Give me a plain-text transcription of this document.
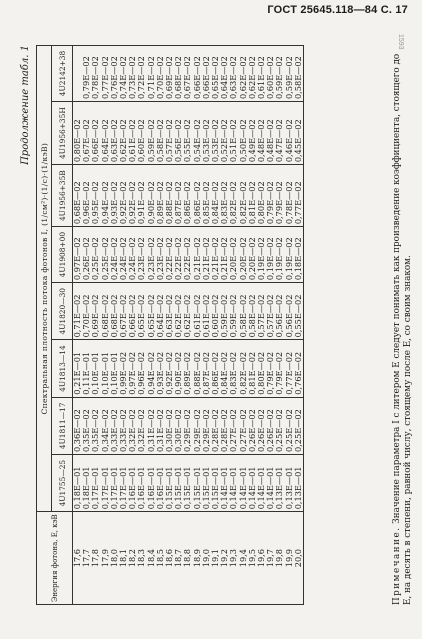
ГОСТ 25645.118—84 С. 17
1593
Продолжение табл. 1
Энергия фотона, E, кэВ	Спектральная плотность потока фотонов I, (1/см²)·(1/с)·(1/кэВ)							
	4U1755—25	4U1811—17	4U1813—14	4U1820—30	4U1908+00	4U1956+35B	4U1956+35H	4U2142+38
17,6	0,18E—01	0,36E—02	0,21E—01	0,71E—02	0,97E—02	0,68E—02	0,80E—02	
17,7	0,18E—01	0,35E—02	0,11E—01	0,70E—02	0,26E—02	0,96E—02	0,67E—02	0,79E—02
17,8	0,17E—01	0,35E—02	0,10E—01	0,69E—02	0,25E—02	0,95E—02	0,66E—02	0,78E—02
17,9	0,17E—01	0,34E—02	0,10E—01	0,68E—02	0,25E—02	0,94E—02	0,64E—02	0,77E—02
18,0	0,17E—01	0,33E—02	0,10E—01	0,68E—02	0,24E—02	0,93E—02	0,63E—02	0,76E—02
18,1	0,17E—01	0,33E—02	0,99E—02	0,67E—02	0,24E—02	0,92E—02	0,62E—02	0,74E—02
18,2	0,16E—01	0,32E—02	0,97E—02	0,66E—02	0,24E—02	0,92E—02	0,61E—02	0,73E—02
18,3	0,16E—01	0,32E—02	0,96E—02	0,65E—02	0,23E—02	0,91E—02	0,60E—02	0,72E—02
18,4	0,16E—01	0,31E—02	0,94E—02	0,65E—02	0,23E—02	0,90E—02	0,59E—02	0,71E—02
18,5	0,16E—01	0,31E—02	0,93E—02	0,64E—02	0,23E—02	0,89E—02	0,58E—02	0,70E—02
18,6	0,15E—01	0,30E—02	0,92E—02	0,63E—02	0,22E—02	0,88E—02	0,57E—02	0,69E—02
18,7	0,15E—01	0,30E—02	0,90E—02	0,62E—02	0,22E—02	0,87E—02	0,56E—02	0,68E—02
18,8	0,15E—01	0,29E—02	0,89E—02	0,62E—02	0,22E—02	0,86E—02	0,55E—02	0,67E—02
18,9	0,15E—01	0,29E—02	0,88E—02	0,61E—02	0,21E—02	0,86E—02	0,54E—02	0,66E—02
19,0	0,15E—01	0,29E—02	0,87E—02	0,61E—02	0,21E—02	0,85E—02	0,53E—02	0,66E—02
19,1	0,15E—01	0,28E—02	0,86E—02	0,60E—02	0,21E—02	0,84E—02	0,53E—02	0,65E—02
19,2	0,14E—01	0,28E—02	0,84E—02	0,59E—02	0,21E—02	0,83E—02	0,52E—02	0,64E—02
19,3	0,14E—01	0,27E—02	0,83E—02	0,59E—02	0,20E—02	0,82E—02	0,51E—02	0,63E—02
19,4	0,14E—01	0,27E—02	0,82E—02	0,58E—02	0,20E—02	0,82E—02	0,50E—02	0,62E—02
19,5	0,14E—01	0,26E—02	0,81E—02	0,58E—02	0,20E—02	0,81E—02	0,49E—02	0,62E—02
19,6	0,14E—01	0,26E—02	0,80E—02	0,57E—02	0,19E—02	0,80E—02	0,48E—02	0,61E—02
19,7	0,14E—01	0,26E—02	0,79E—02	0,57E—02	0,19E—02	0,79E—02	0,48E—02	0,60E—02
19,8	0,13E—01	0,25E—02	0,79E—02	0,56E—02	0,19E—02	0,79E—02	0,47E—02	0,59E—02
19,9	0,13E—01	0,25E—02	0,77E—02	0,56E—02	0,19E—02	0,78E—02	0,46E—02	0,59E—02
20,0	0,13E—01	0,25E—02	0,76E—02	0,55E—02	0,18E—02	0,77E—02	0,45E—02	0,58E—02
Примечание. Значение параметра I с литером E следует понимать как произведение коэффициента, стоящего до E, на десять в степени, равной числу, стоящему после E, со своим знаком.
